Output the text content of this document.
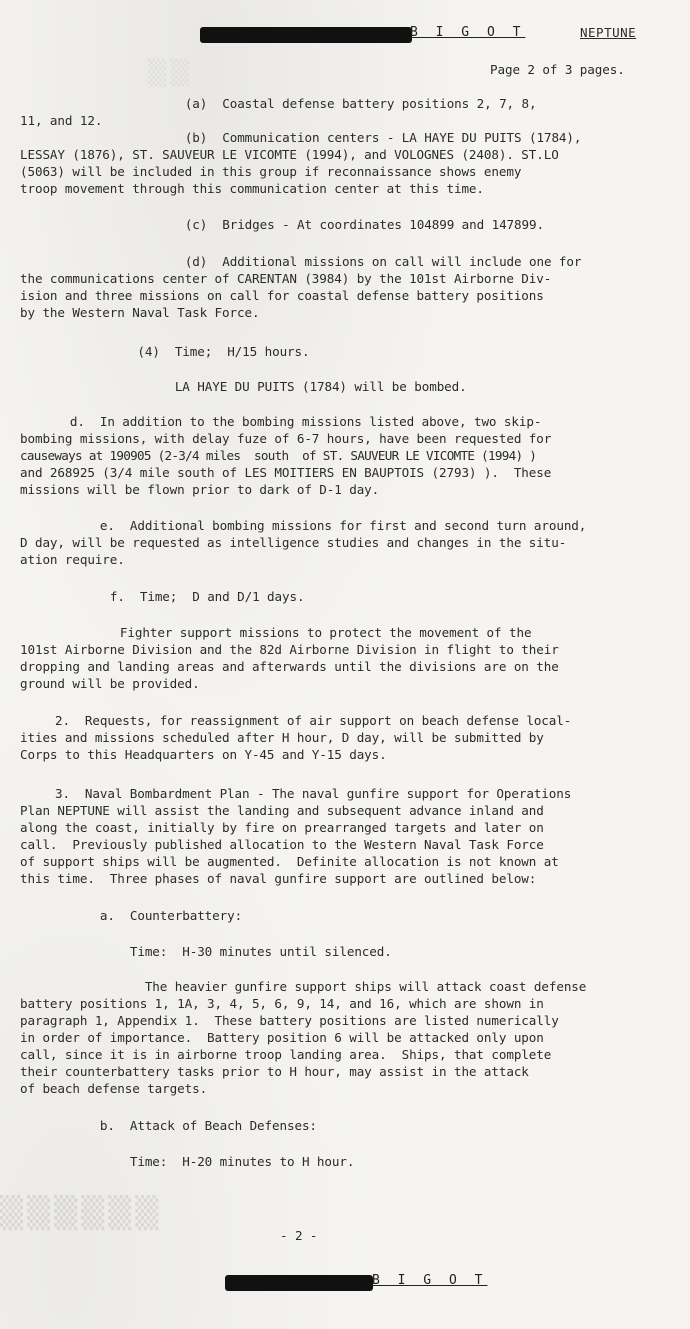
B I G O T	NEPTUNE
Page 2 of 3 pages.
▒▒
(a)  Coastal defense battery positions 2, 7, 8,
11, and 12.
(b)  Communication centers - LA HAYE DU PUITS (1784),
LESSAY (1876), ST. SAUVEUR LE VICOMTE (1994), and VOLOGNES (2408). ST.LO
(5063) will be included in this group if reconnaissance shows enemy
troop movement through this communication center at this time.
(c)  Bridges - At coordinates 104899 and 147899.
(d)  Additional missions on call will include one for
the communications center of CARENTAN (3984) by the 101st Airborne Div-
ision and three missions on call for coastal defense battery positions
by the Western Naval Task Force.
(4)  Time;  H/15 hours.
LA HAYE DU PUITS (1784) will be bombed.
d.  In addition to the bombing missions listed above, two skip-
bombing missions, with delay fuze of 6-7 hours, have been requested for
causeways at 190905 (2-3/4 miles  south  of ST. SAUVEUR LE VICOMTE (1994) )
and 268925 (3/4 mile south of LES MOITIERS EN BAUPTOIS (2793) ).  These
missions will be flown prior to dark of D-1 day.
e.  Additional bombing missions for first and second turn around,
D day, will be requested as intelligence studies and changes in the situ-
ation require.
f.  Time;  D and D/1 days.
Fighter support missions to protect the movement of the
101st Airborne Division and the 82d Airborne Division in flight to their
dropping and landing areas and afterwards until the divisions are on the
ground will be provided.
2.  Requests, for reassignment of air support on beach defense local-
ities and missions scheduled after H hour, D day, will be submitted by
Corps to this Headquarters on Y-45 and Y-15 days.
3.  Naval Bombardment Plan - The naval gunfire support for Operations
Plan NEPTUNE will assist the landing and subsequent advance inland and
along the coast, initially by fire on prearranged targets and later on
call.  Previously published allocation to the Western Naval Task Force
of support ships will be augmented.  Definite allocation is not known at
this time.  Three phases of naval gunfire support are outlined below:
a.  Counterbattery:
Time:  H-30 minutes until silenced.
The heavier gunfire support ships will attack coast defense
battery positions 1, 1A, 3, 4, 5, 6, 9, 14, and 16, which are shown in
paragraph 1, Appendix 1.  These battery positions are listed numerically
in order of importance.  Battery position 6 will be attacked only upon
call, since it is in airborne troop landing area.  Ships, that complete
their counterbattery tasks prior to H hour, may assist in the attack
of beach defense targets.
b.  Attack of Beach Defenses:
Time:  H-20 minutes to H hour.
▒▒▒▒▒▒
- 2 -
B I G O T
